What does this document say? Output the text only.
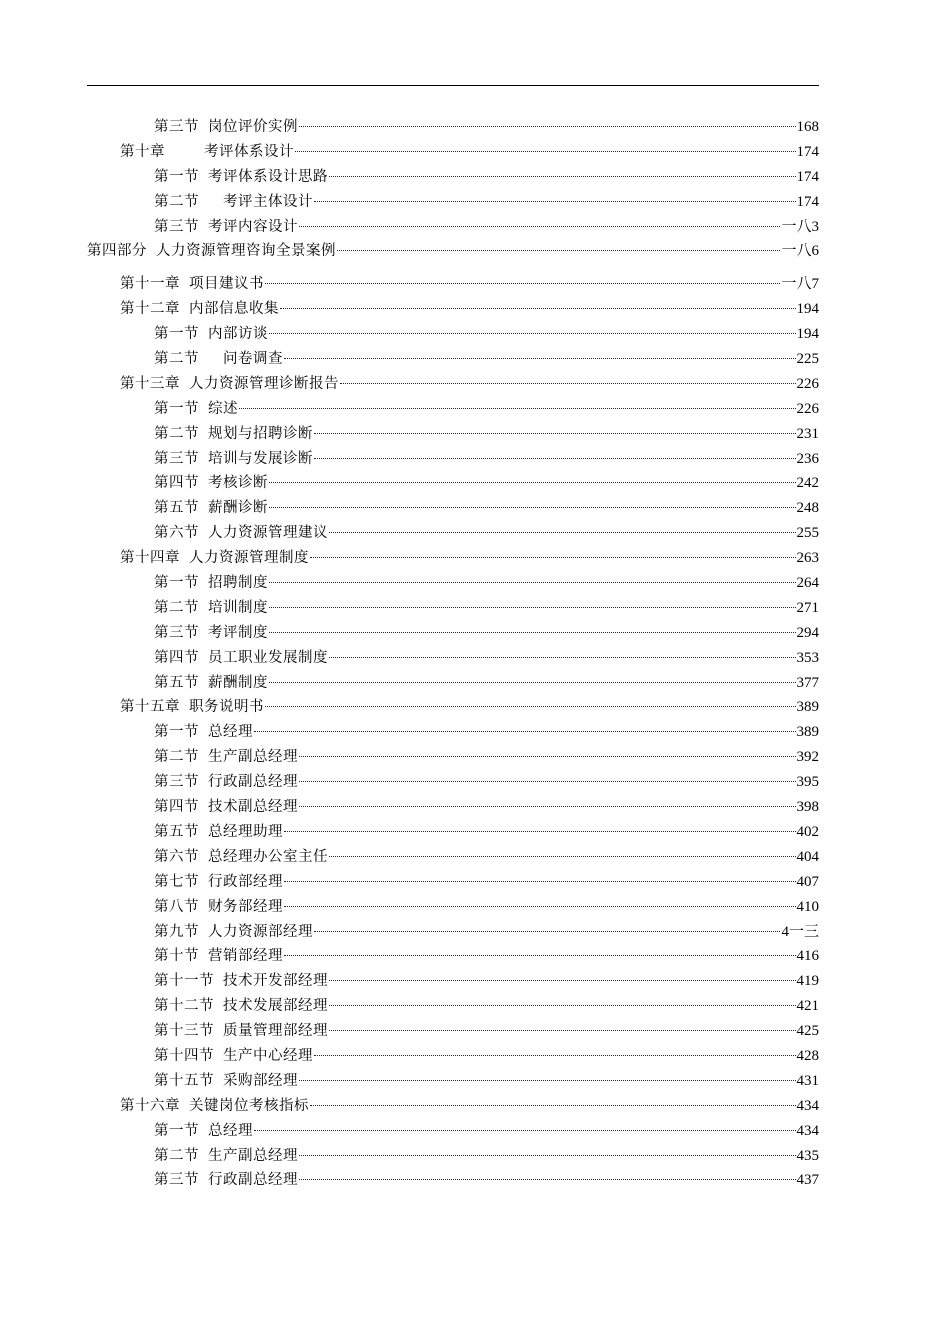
第三节 岗位评价实例	168
第十章 　　考评体系设计	174
第一节 考评体系设计思路	174
第二节 　考评主体设计	174
第三节 考评内容设计	一八3
第四部分 人力资源管理咨询全景案例	一八6
第十一章 项目建议书	一八7
第十二章 内部信息收集	194
第一节 内部访谈	194
第二节 　问卷调查	225
第十三章 人力资源管理诊断报告	226
第一节 综述	226
第二节 规划与招聘诊断	231
第三节 培训与发展诊断	236
第四节 考核诊断	242
第五节 薪酬诊断	248
第六节 人力资源管理建议	255
第十四章 人力资源管理制度	263
第一节 招聘制度	264
第二节 培训制度	271
第三节 考评制度	294
第四节 员工职业发展制度	353
第五节 薪酬制度	377
第十五章 职务说明书	389
第一节 总经理	389
第二节 生产副总经理	392
第三节 行政副总经理	395
第四节 技术副总经理	398
第五节 总经理助理	402
第六节 总经理办公室主任	404
第七节 行政部经理	407
第八节 财务部经理	410
第九节 人力资源部经理	4一三
第十节 营销部经理	416
第十一节 技术开发部经理	419
第十二节 技术发展部经理	421
第十三节 质量管理部经理	425
第十四节 生产中心经理	428
第十五节 采购部经理	431
第十六章 关键岗位考核指标	434
第一节 总经理	434
第二节 生产副总经理	435
第三节 行政副总经理	437
